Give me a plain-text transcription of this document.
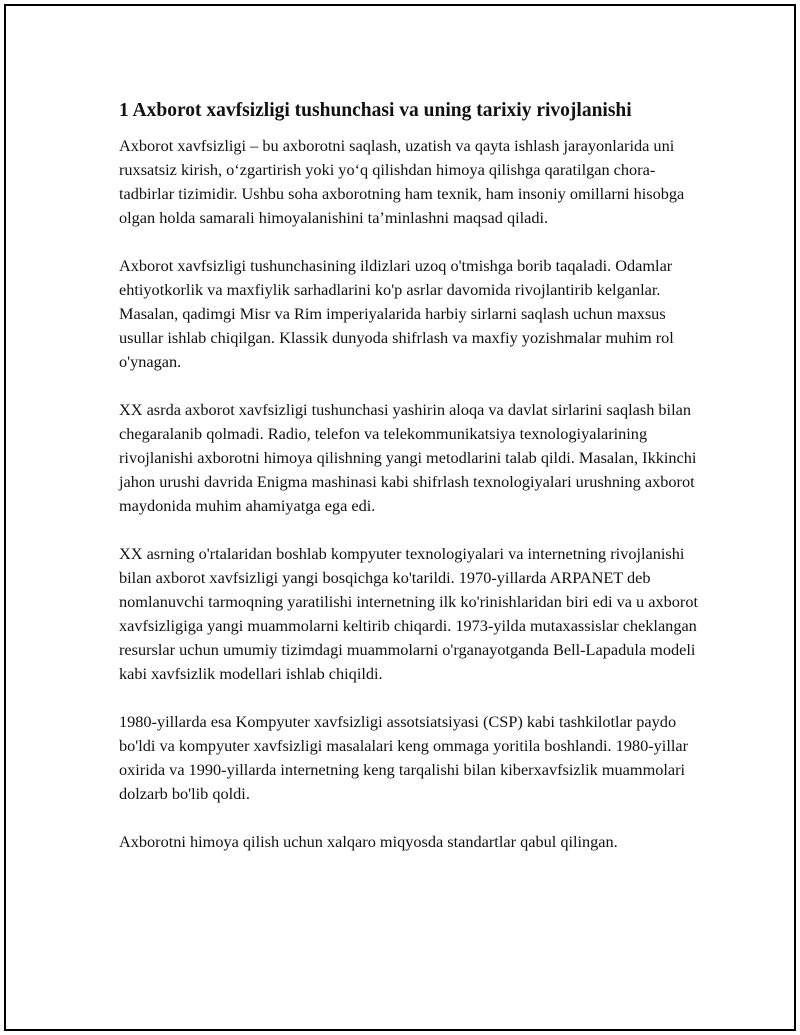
1 Axborot xavfsizligi tushunchasi va uning tarixiy rivojlanishi

Axborot xavfsizligi – bu axborotni saqlash, uzatish va qayta ishlash jarayonlarida uni ruxsatsiz kirish, oʻzgartirish yoki yoʻq qilishdan himoya qilishga qaratilgan chora-tadbirlar tizimidir. Ushbu soha axborotning ham texnik, ham insoniy omillarni hisobga olgan holda samarali himoyalanishini ta’minlashni maqsad qiladi.

Axborot xavfsizligi tushunchasining ildizlari uzoq o'tmishga borib taqaladi. Odamlar ehtiyotkorlik va maxfiylik sarhadlarini ko'p asrlar davomida rivojlantirib kelganlar. Masalan, qadimgi Misr va Rim imperiyalarida harbiy sirlarni saqlash uchun maxsus usullar ishlab chiqilgan. Klassik dunyoda shifrlash va maxfiy yozishmalar muhim rol o'ynagan.

XX asrda axborot xavfsizligi tushunchasi yashirin aloqa va davlat sirlarini saqlash bilan chegaralanib qolmadi. Radio, telefon va telekommunikatsiya texnologiyalarining rivojlanishi axborotni himoya qilishning yangi metodlarini talab qildi. Masalan, Ikkinchi jahon urushi davrida Enigma mashinasi kabi shifrlash texnologiyalari urushning axborot maydonida muhim ahamiyatga ega edi.

XX asrning o'rtalaridan boshlab kompyuter texnologiyalari va internetning rivojlanishi bilan axborot xavfsizligi yangi bosqichga ko'tarildi. 1970-yillarda ARPANET deb nomlanuvchi tarmoqning yaratilishi internetning ilk ko'rinishlaridan biri edi va u axborot xavfsizligiga yangi muammolarni keltirib chiqardi. 1973-yilda mutaxassislar cheklangan resurslar uchun umumiy tizimdagi muammolarni o'rganayotganda Bell-Lapadula modeli kabi xavfsizlik modellari ishlab chiqildi.

1980-yillarda esa Kompyuter xavfsizligi assotsiatsiyasi (CSP) kabi tashkilotlar paydo bo'ldi va kompyuter xavfsizligi masalalari keng ommaga yoritila boshlandi. 1980-yillar oxirida va 1990-yillarda internetning keng tarqalishi bilan kiberxavfsizlik muammolari dolzarb bo'lib qoldi.

Axborotni himoya qilish uchun xalqaro miqyosda standartlar qabul qilingan.
